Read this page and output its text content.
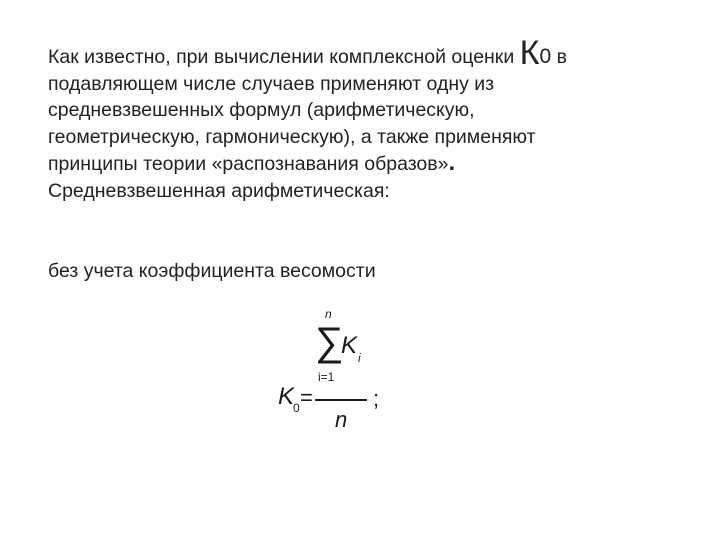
Как известно, при вычислении комплексной оценки К0 в
подавляющем числе случаев применяют одну из
средневзвешенных формул (арифметическую,
геометрическую, гармоническую), а также применяют
принципы теории «распознавания образов».
Средневзвешенная арифметическая:
без учета коэффициента весомости
n
∑
K i
i=1
K
0 =
n
;
